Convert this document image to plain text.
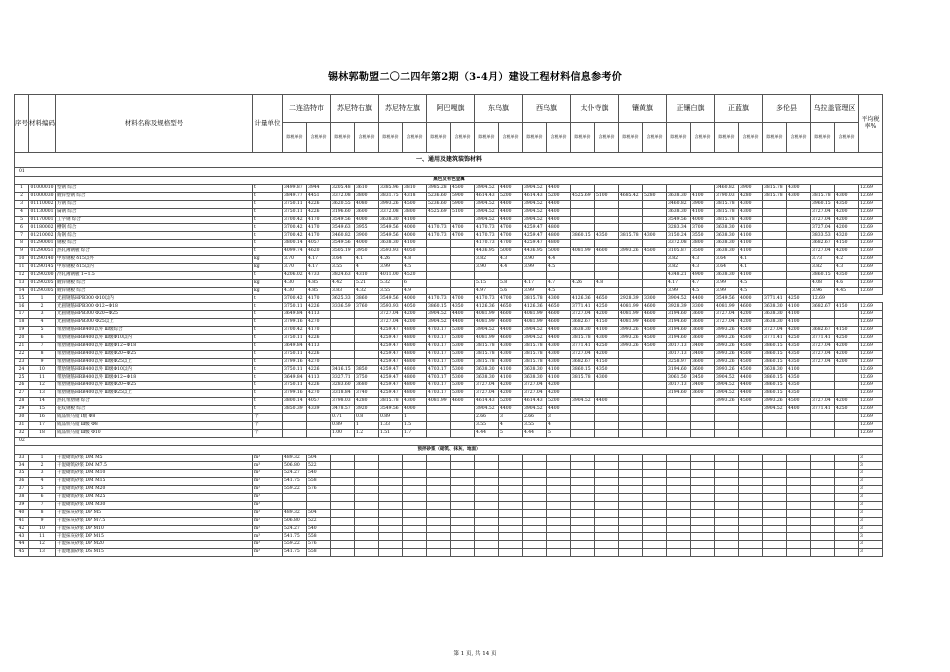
锡林郭勒盟二〇二四年第2期（3-4月）建设工程材料信息参考价
序号	材料编码	材料名称及规格型号	计量单位	二连浩特市		苏尼特右旗		苏尼特左旗		阿巴嘎旗		东乌旗		西乌旗		太仆寺旗		镶黄旗		正镶白旗		正蓝旗		多伦县		乌拉盖管理区		平均税率%
				除税单价	含税单价	除税单价	含税单价	除税单价	含税单价	除税单价	含税单价	除税单价	含税单价	除税单价	含税单价	除税单价	含税单价	除税单价	含税单价	除税单价	含税单价	除税单价	含税单价	除税单价	含税单价	除税单价	含税单价	
一、通用及建筑装饰材料																												
01																												
黑色及有色金属																												
1	01000010	型钢 综合	t	3499.87	3944	3205.48	3610	3385.96	3810	3985.28	4500	3904.52	4400	3904.52	4400							3460.82	3900	3815.78	4300			12.69
2	01000030	镀锌型钢 综合	t	3849.77	4451	3372.08	3800	3831.75	4318	5236.60	5900	4614.43	5200	4614.43	5200	4525.69	5100	4685.42	5280	3638.30	4100	3790.03	4280	3815.78	4300	3815.78	4300	12.69
3	01110002	方钢 综合	t	3750.11	4226	3620.55	4080	3993.26	4500	5236.60	5900	3904.52	4400	3904.52	4400					3460.82	3900	3815.78	4300			3960.15	4350	12.69
4	01130001	扁钢 综合	t	3750.11	4226	3196.60	3600	3372.08	3800	4525.69	5100	3904.52	4400	3904.52	4400					3638.30	4100	3815.78	4300			3727.04	4200	12.69
5	01170001	工字钢 综合	t	3700.42	4170	3549.56	4000	3638.30	4100			3904.52	4400	3904.52	4400					3549.56	4000	3815.78	4300			3727.04	4200	12.69
6	01180002	槽钢 综合	t	3700.42	4170	3549.63	3955	3549.56	4000	4170.73	4700	4170.73	4700	4259.47	4800					3283.34	3700	3638.30	4100			3727.04	4200	12.69
7	01210002	角钢 综合	t	3700.42	4170	3460.82	3900	3549.56	4000	4170.73	4700	4170.73	4700	4259.47	4800	3860.15	4350	3815.78	4300	3150.24	3550	3638.30	4100			3833.53	4320	12.69
8	01290001	钢板 综合	t	3800.14	4057	3549.56	4000	3638.30	4100			4170.73	4700	4259.47	4800					3372.08	3800	3638.30	4100			3682.67	4150	12.69
9	01290051	热轧薄钢板 综合	t	4099.74	4620	3505.19	3950	3593.93	4050			4436.95	5000	4436.95	5000	4081.99	4600	3993.26	4500	3105.87	3500	3638.30	4100			3727.04	4200	12.69
10	01290140	中厚钢板 δ15以外	kg	3.70	4.17	3.64	4.1	4.26	4.8			3.82	4.3	3.90	4.4					3.82	4.3	3.64	4.1			3.73	4.2	12.69
11	01290145	中厚钢板 δ15以内	kg	3.70	4.17	3.55	4	3.99	4.5			3.90	4.4	3.99	4.5					3.82	4.3	3.64	4.1			3.82	4.3	12.69
12	01290200	冷轧薄钢板 1~1.5	t	4206.02	4733	3824.63	4310	4011.00	4520											4348.21	4900	3638.30	4100			3860.15	4350	12.69
13	01290205	镀锌钢板 综合	kg	4.30	4.85	4.42	5.21	5.32	6			5.15	5.8	4.17	4.7	4.26	4.8			4.17	4.7	3.99	4.5			4.08	4.6	12.69
14	01290305	镀锌钢板 综合	kg	4.30	4.85	3.83	4.32	3.55	4.9			4.97	5.6	3.99	4.5					3.99	4.5	3.99	4.5			3.96	4.45	12.69
15	1	光圆钢筋HPB300 Φ10以内	t	3700.42	4170	3625.33	3860	3549.56	4000	4170.73	4700	4170.73	4700	3815.78	4300	4126.36	4650	2928.39	3300	3904.52	4400	3549.56	4000	3771.41	4250	12.69		
16	2	光圆钢筋HPB300 Φ12~Φ18	t	3750.11	4226	3336.59	3760	3593.93	4050	3860.15	4350	4126.36	4650	4126.36	4650	3771.41	4250	4081.99	4600	3928.39	3300	4081.99	4600	3638.30	4100	3682.67	4150	12.69
17	3	光圆钢筋HPB300 Φ20~Φ25	t	3649.84	4113			3727.04	4200	3904.52	4400	4081.99	4600	4081.99	4600	3727.04	4200	4081.99	4600	3194.60	3600	3727.04	4200	3638.30	4100			12.69
18	4	光圆钢筋HPB300 Φ25以上	t	3799.16	4270			3727.04	4200	3904.52	4400	4081.99	4600	4081.99	4600	3682.67	4150	4081.99	4600	3194.60	3600	3727.04	4200	3638.30	4100			12.69
19	5	带肋钢筋HRB400以外 Ⅲ级综合	t	3700.42	4170			4259.47	4800	4703.17	5300	3904.52	4400	3904.52	4400	3638.30	4100	3993.26	4500	3194.60	3600	3993.26	4500	3727.04	4200	3682.67	4150	12.69
20	6	带肋钢筋HRB400以外 Ⅲ级Φ10以内	t	3750.11	4226			4259.47	4800	4703.17	5300	4081.99	4600	3904.52	4400	3815.78	4300	3993.26	4500	3194.60	3600	3993.26	4500	3771.41	4250	3771.41	4250	12.69
21	7	带肋钢筋HRB400以外 Ⅲ级Φ12~Φ18	t	3649.84	4113			4259.47	4800	4703.17	5300	3815.78	4300	3815.78	4300	3771.41	4250	3993.26	4500	3017.13	3400	3993.26	4500	3860.15	4350	3727.04	4200	12.69
22	8	带肋钢筋HRB400以外 Ⅲ级Φ20~Φ25	t	3750.11	4226			4259.47	4800	4703.17	5300	3815.78	4300	3815.78	4300	3727.04	4200			3017.13	3400	3993.26	4500	3860.15	4350	3727.04	4200	12.69
23	9	带肋钢筋HRB400以外 Ⅲ级Φ25以上	t	3799.16	4270			4259.47	4800	4703.17	5300	3815.78	4300	3815.78	4300	3682.67	4150			3258.97	3600	3993.26	4500	3860.15	4350	3727.04	4200	12.69
24	10	带肋钢筋HRB400以外 Ⅲ级Φ10以内	t	3750.11	4226	3416.15	3850	4259.47	4800	4703.17	5300	3638.30	4100	3638.30	4100	3860.15	4350			3194.60	3600	3993.26	4500	3638.30	4100			12.69
25	11	带肋钢筋HRB400以外 Ⅲ级Φ12~Φ18	t	3649.84	4113	3327.71	3750	4259.47	4800	4703.17	5300	3638.30	4100	3638.30	4100	3815.78	4300			3061.50	3450	3904.52	4400	3860.15	4350			12.69
26	12	带肋钢筋HRB400以外 Ⅲ级Φ20~Φ25	t	3750.11	4226	3283.60	3680	4259.47	4800	4703.17	5300	3727.04	4200	3727.04	4200					3017.13	3400	3904.52	4400	3860.15	4350			12.69
27	13	带肋钢筋HRB400以外 Ⅲ级Φ25以上	t	3799.16	4270	3318.84	3740	4259.47	4800	4703.17	5300	3727.04	4200	3727.04	4200					3194.60	3600	3904.52	4400	3860.15	4350			12.69
28	14	热轧带肋钢 综合	t	3800.14	4057	3798.03	4280	3815.78	4300	4081.99	4600	4614.43	5200	4614.43	5200	3904.52	4400					3993.26	4500	3993.26	4500	3727.04	4200	12.69
29	15	花纹钢板 综合	t	3850.39	4339	3478.57	3920	3549.56	4000			3904.52	4400	3904.52	4400									3904.52	4400	3771.41	4250	12.69
30	16	成品铁马镫 Ⅰ级 Φ8	个			0.71	0.8	0.89	1			2.66	3	2.66	3													12.69
31	17	成品铁马镫 Ⅲ级 Φ8	个			0.89	1	1.33	1.5			3.55	4	3.55	4													12.69
32	18	成品铁马镫 Ⅲ级 Φ10	个			1.00	1.2	1.51	1.7			4.44	5	4.44	5													12.69
02																												
预拌砂浆（砌筑、抹灰、地面）																												
33	1	干混砌筑砂浆 DM M5	m³	489.32	504																							3
34	2	干混砌筑砂浆 DM M7.5	m³	506.80	522																							3
35	3	干混砌筑砂浆 DM M10	m³	524.27	540																							3
36	4	干混砌筑砂浆 DM M15	m³	541.75	558																							3
37	5	干混砌筑砂浆 DM M20	m³	559.22	576																							3
38	6	干混砌筑砂浆 DM M25	m³																									3
39	7	干混砌筑砂浆 DM M30	m³																									3
40	8	干混抹灰砂浆 DP M5	m³	489.32	504																							3
41	9	干混抹灰砂浆 DP M7.5	m³	506.80	522																							3
42	10	干混抹灰砂浆 DP M10	m³	524.27	540																							3
43	11	干混抹灰砂浆 DP M15	m³	541.75	558																							3
44	12	干混抹灰砂浆 DP M20	m³	559.22	576																							3
45	13	干混地面砂浆 DS M15	m³	541.75	558																							3
第 1 页, 共 14 页
